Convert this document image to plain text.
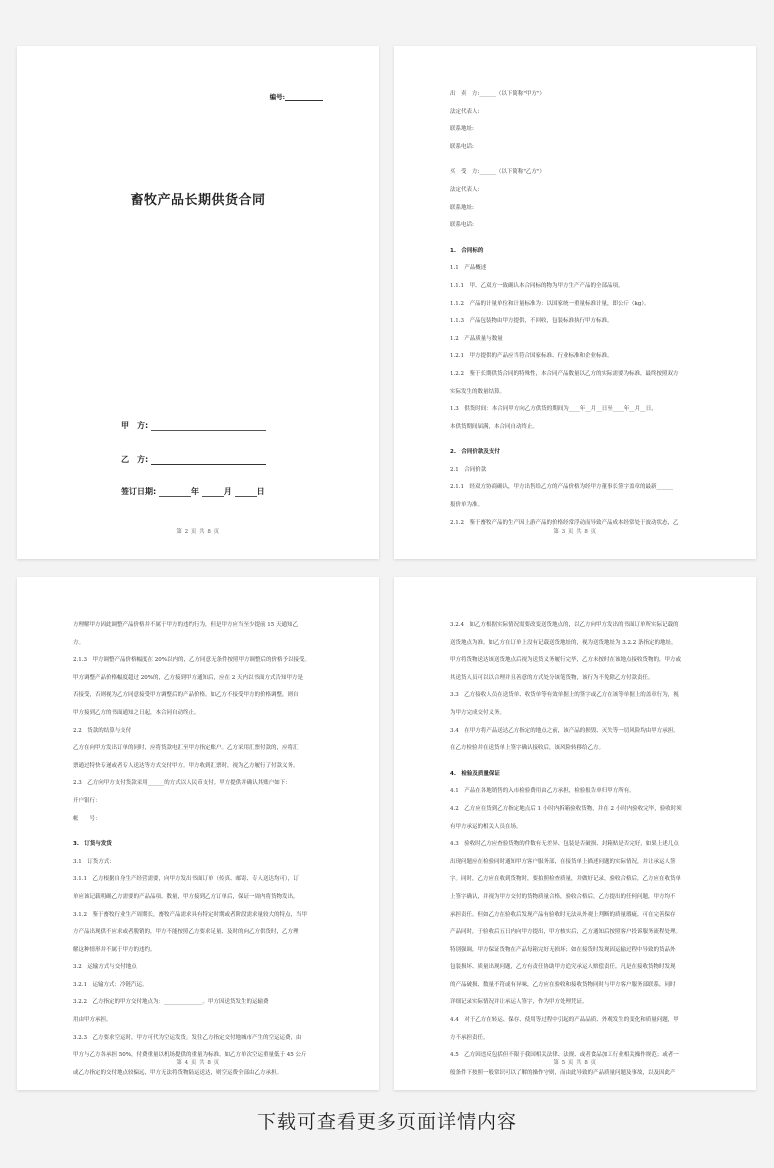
编号:
畜牧产品长期供货合同
甲　方:
乙　方:
签订日期:	年	月	日
第 2 页 共 8 页
出　卖　方:______（以下简称"甲方"）
法定代表人:
联系地址:
联系电话:
买　受　方:______（以下简称"乙方"）
法定代表人:
联系地址:
联系电话:
1.　合同标的
1.1　产品概述
1.1.1　甲、乙双方一致确认本合同标的物为甲方生产产品的全部品项。
1.1.2　产品的计量单位和计量标准为：以国家统一重量标准计量，即公斤（kg）。
1.1.3　产品包装物由甲方提供，不回收，包装标准执行甲方标准。
1.2　产品质量与数量
1.2.1　甲方提供的产品应当符合国家标准、行业标准和企业标准。
1.2.2　鉴于长期供货合同的特殊性，本合同产品数量以乙方的实际需要为标准，最终按照双方
实际发生的数量结算。
1.3　供货时间：本合同甲方向乙方供货的期间为____年__月__日至____年__月__日，
本供货期间届满，本合同自动终止。
2.　合同价款及支付
2.1　合同价款
2.1.1　经双方协商确认，甲方出售给乙方的产品价格为经甲方董事长签字盖章的最新______
报价单为准。
2.1.2　鉴于畜牧产品的生产因上游产品的价格经常浮动而导致产品成本经常处于波动状态，乙
第 3 页 共 8 页
方理解甲方因此调整产品价格并不属于甲方的违约行为，但是甲方应当至少提前 15 天通知乙
方。
2.1.3　甲方调整产品价格幅度在 20%以内的，乙方同意无条件按照甲方调整后的价格予以接受。
甲方调整产品价格幅度超过 20%的，乙方接到甲方通知后，应在 2 天内以书面方式告知甲方是
否接受，否则视为乙方同意接受甲方调整后的产品价格。如乙方不接受甲方的价格调整，则自
甲方接到乙方的书面通知之日起，本合同自动终止。
2.2　货款的结算与支付
乙方在向甲方发出订单的同时，应将货款电汇至甲方指定账户。乙方采用汇票付款的，应将汇
票通过特快专递或者专人送达等方式交付甲方。甲方收到汇票时，视为乙方履行了付款义务。
2.3　乙方向甲方支付货款采用______的方式以人民币支付。甲方提供并确认其账户如下：
开户银行：
帐　　号：
3.　订货与发货
3.1　订货方式：
3.1.1　乙方根据自身生产经营需要，向甲方发出书面订单（传真、邮寄、专人送达均可），订
单应该记载明确乙方需要的产品品项、数量，甲方接到乙方订单后，保证一周内将货物发出。
3.1.2　鉴于畜牧行业生产周期长，畜牧产品需求具有特定时期或者阶段需求量较大的特点，当甲
方产品出现供不应求或者脱销的，甲方不能按照乙方要求足量、及时的向乙方供货时，乙方理
解这种情形并不属于甲方的违约。
3.2　运输方式与交付地点
3.2.1　运输方式：冷链汽运。
3.2.2　乙方指定的甲方交付地点为：______________。甲方因送货发生的运输费
用由甲方承担。
3.2.3　乙方要求空运时，甲方可代为空运发货。发往乙方指定交付地城市产生的空运运费，由
甲方与乙方各承担 50%，付费重量以机场提供的重量为标准。如乙方单次空运重量低于 45 公斤
或乙方指定的交付地点较偏远，甲方无法将货物陆运送达，则空运费全部由乙方承担。
第 4 页 共 8 页
3.2.4　如乙方根据实际情况需要改变送货地点的，以乙方向甲方发出的书面订单所实际记载的
送货地点为准。如乙方在订单上没有记载送货地址的，视为送货地址为 3.2.2 条指定的地址。
甲方将货物送达该送货地点后视为送货义务履行完毕，乙方未按时在该地点接收货物的，甲方或
其送货人员可以以合理并且善意的方式处分该笔货物，该行为不免除乙方付款责任。
3.3　乙方接收人员在送货单、收货单等有效单据上的签字或乙方在该等单据上的盖章行为，视
为甲方完成交付义务。
3.4　在甲方将产品送达乙方指定的地点之前，该产品的损毁、灭失等一切风险均由甲方承担。
在乙方检验并在送货单上签字确认接收后，该风险转移给乙方。
4.　检验及质量保证
4.1　产品在各地销售的入市检验费用由乙方承担，检验报告单归甲方所有。
4.2　乙方应在货到乙方指定地点后 1 小时内拆箱验收货物，并在 2 小时内验收完毕，验收时须
有甲方承运的相关人员在场。
4.3　验收时乙方应查验货物的件数有无差异、包装是否破损、封箱贴是否完好，如果上述几点
出现问题应在检验同时通知甲方客户服务部，在接货单上描述问题的实际情况，并让承运人签
字。同时，乙方应在收到货物时，要拍照检查质量，并做好记录，验收合格后，乙方应在收货单
上签字确认，并视为甲方交付的货物质量合格，验收合格后，乙方提出的任何问题，甲方均不
承担责任。但如乙方在验收后发现产品有验收时无法从外观上判断的质量瑕疵，可在完善保存
产品同时，于验收后五日内向甲方提出，甲方核实后，乙方通知后按照客户投诉服务流程处理。
特别强调，甲方保证货物在产品每箱完好无损坏；如在接货时发现因运输过程中导致的货品外
包装损坏、质量出现问题，乙方有责任协助甲方追究承运人赔偿责任。凡是在接收货物时发现
的产品破损、数量不符或有异味，乙方应在验收和接收货物同时与甲方客户服务部联系，同时
详细记录实际情况并让承运人签字，作为甲方处理凭证。
4.4　对于乙方在转运、保存、使用等过程中引起的产品品质、外观发生的变化和质量问题，甲
方不承担责任。
4.5　乙方因违反包括但不限于我国相关法律、法规、或者食品加工行业相关操作规范；或者一
般条件下按照一般常识可以了解的操作守则，而由此导致的产品质量问题及事故，以及因此产
第 5 页 共 8 页
下载可查看更多页面详情内容
